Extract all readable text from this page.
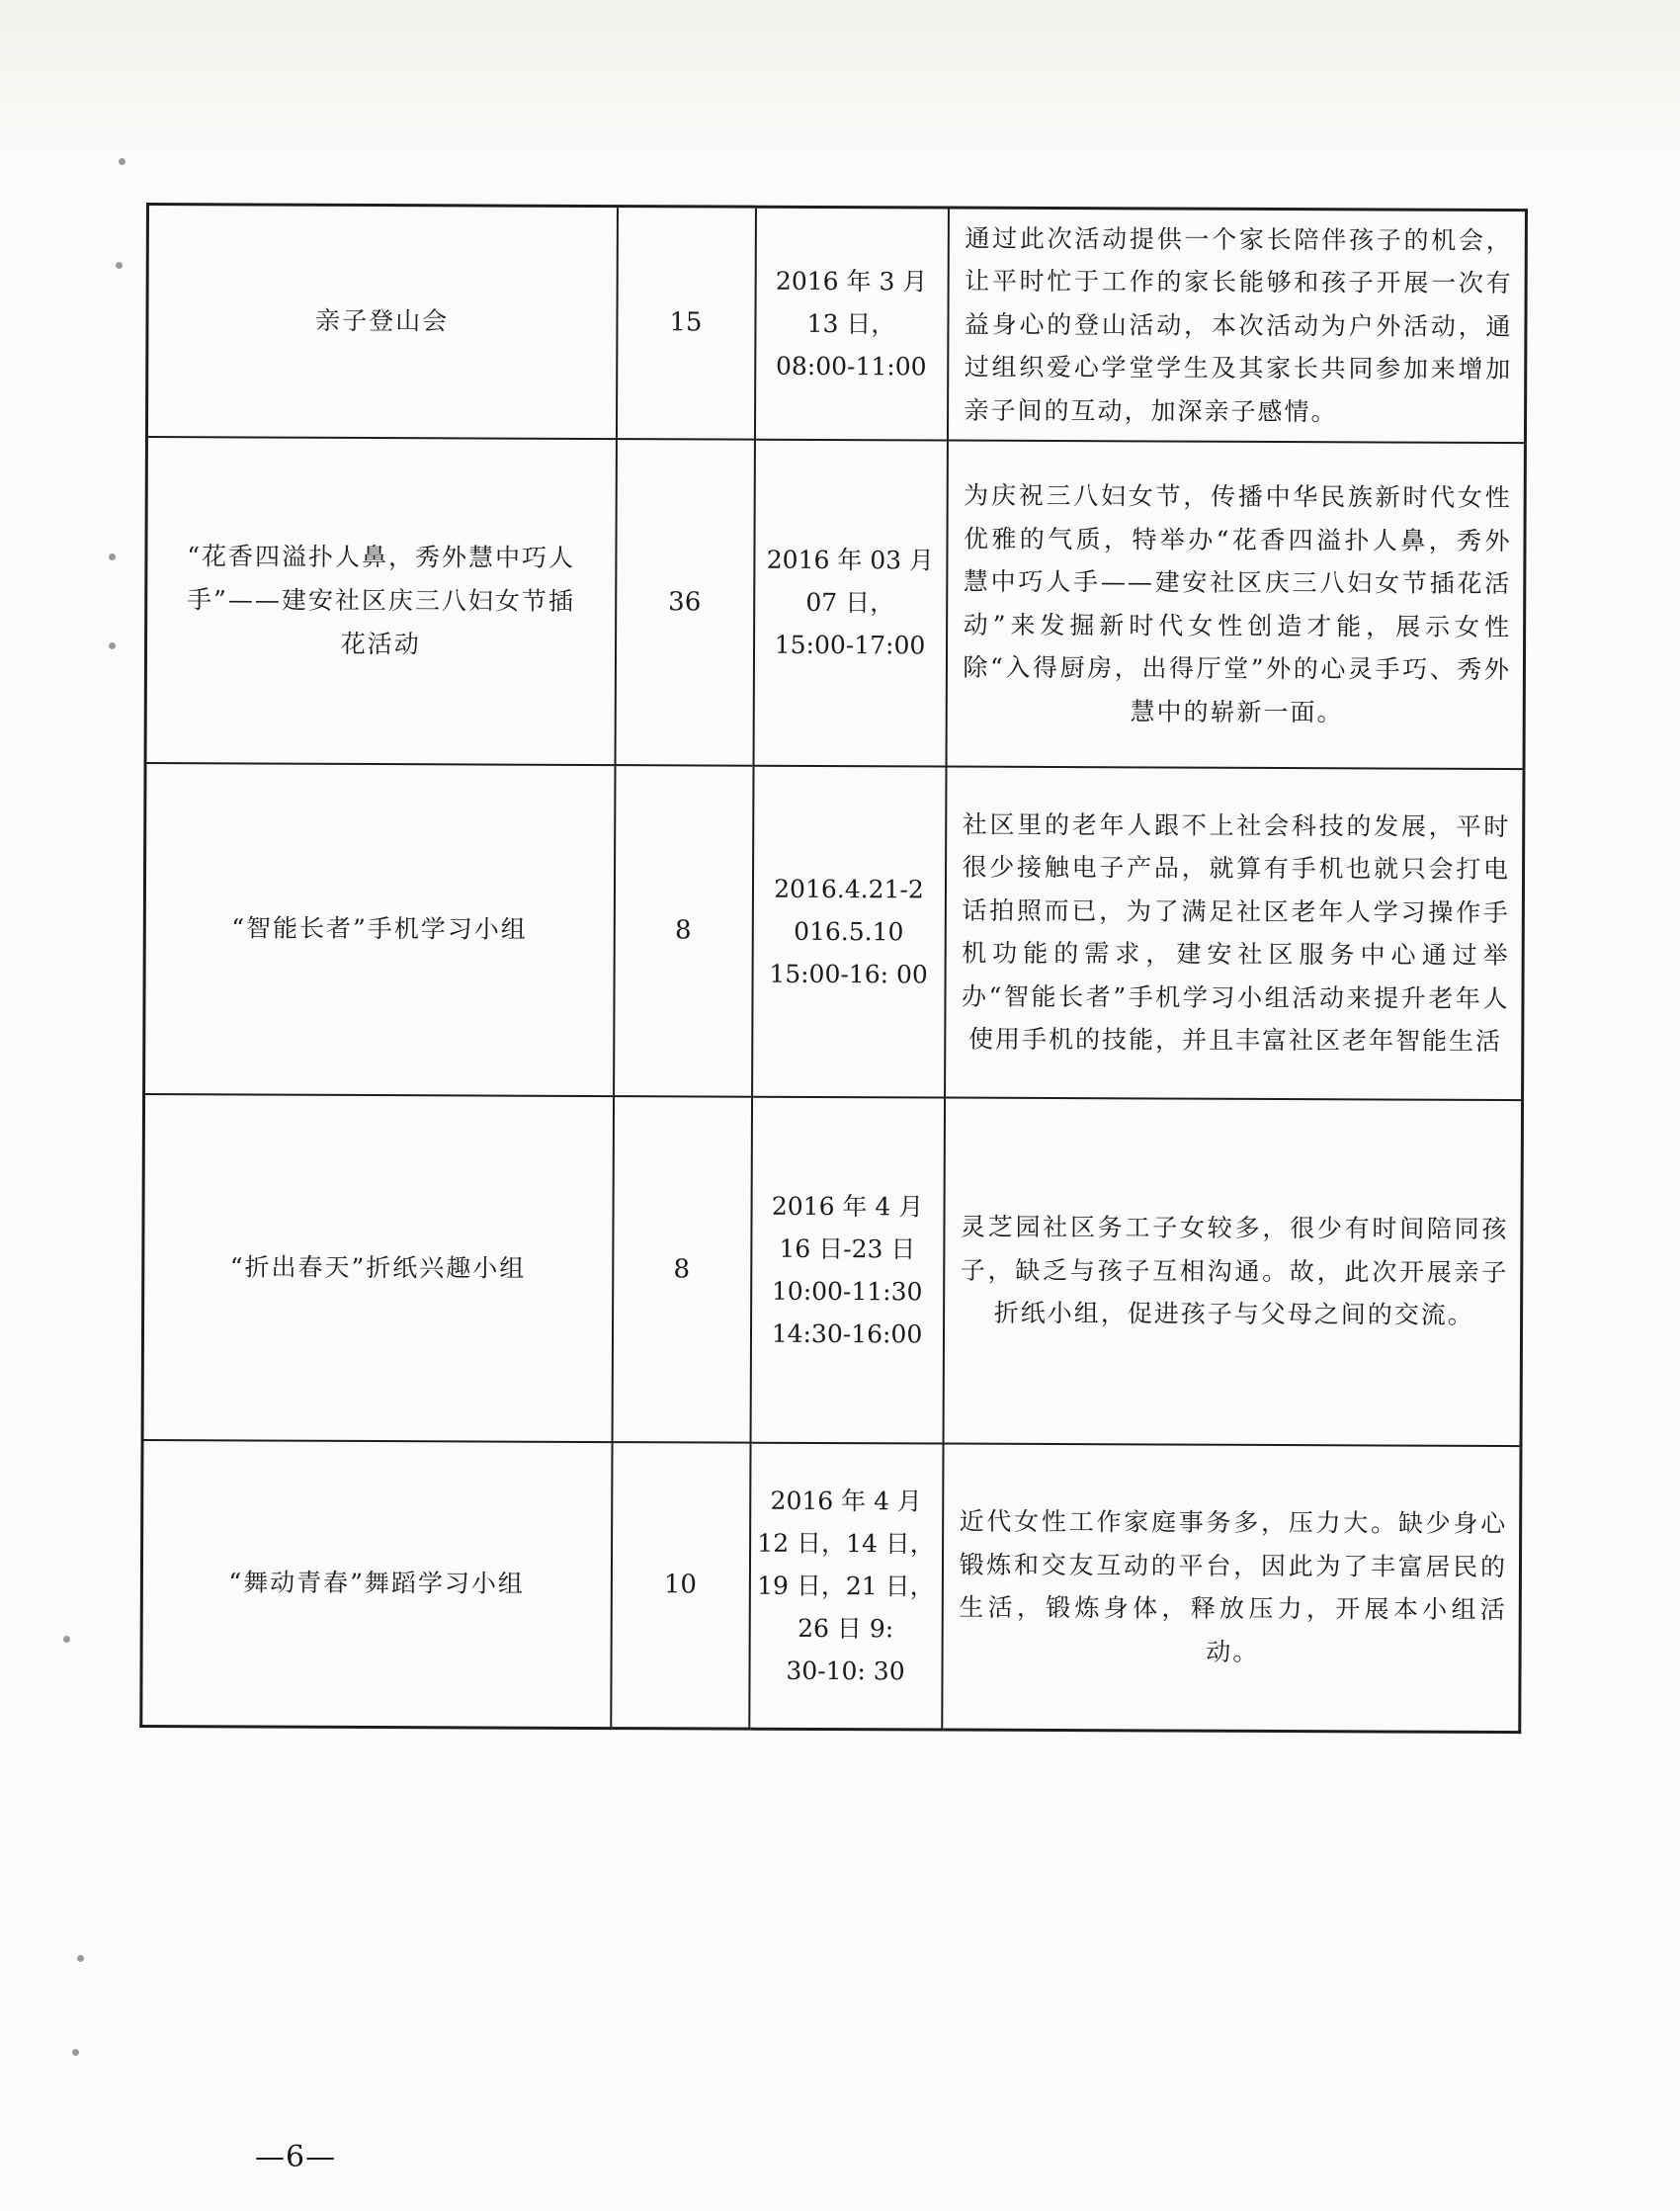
亲子登山会	15	2016 年 3 月
13 日，
08:00-11:00	通过此次活动提供一个家长陪伴孩子的机会，让平时忙于工作的家长能够和孩子开展一次有益身心的登山活动，本次活动为户外活动，通过组织爱心学堂学生及其家长共同参加来增加亲子间的互动，加深亲子感情。
“花香四溢扑人鼻，秀外慧中巧人手”——建安社区庆三八妇女节插花活动	36	2016 年 03 月
07 日，
15:00-17:00	为庆祝三八妇女节，传播中华民族新时代女性优雅的气质，特举办“花香四溢扑人鼻，秀外慧中巧人手——建安社区庆三八妇女节插花活动”来发掘新时代女性创造才能，展示女性除“入得厨房，出得厅堂”外的心灵手巧、秀外慧中的崭新一面。
“智能长者”手机学习小组	8	2016.4.21-2
016.5.10
15:00-16: 00	社区里的老年人跟不上社会科技的发展，平时很少接触电子产品，就算有手机也就只会打电话拍照而已，为了满足社区老年人学习操作手机功能的需求，建安社区服务中心通过举办“智能长者”手机学习小组活动来提升老年人使用手机的技能，并且丰富社区老年智能生活
“折出春天”折纸兴趣小组	8	2016 年 4 月
16 日-23 日
10:00-11:30
14:30-16:00	灵芝园社区务工子女较多，很少有时间陪同孩子，缺乏与孩子互相沟通。故，此次开展亲子折纸小组，促进孩子与父母之间的交流。
“舞动青春”舞蹈学习小组	10	2016 年 4 月
12 日，14 日，
19 日，21 日，
26 日 9:
30-10: 30	近代女性工作家庭事务多，压力大。缺少身心锻炼和交友互动的平台，因此为了丰富居民的生活，锻炼身体，释放压力，开展本小组活动。
—6—
